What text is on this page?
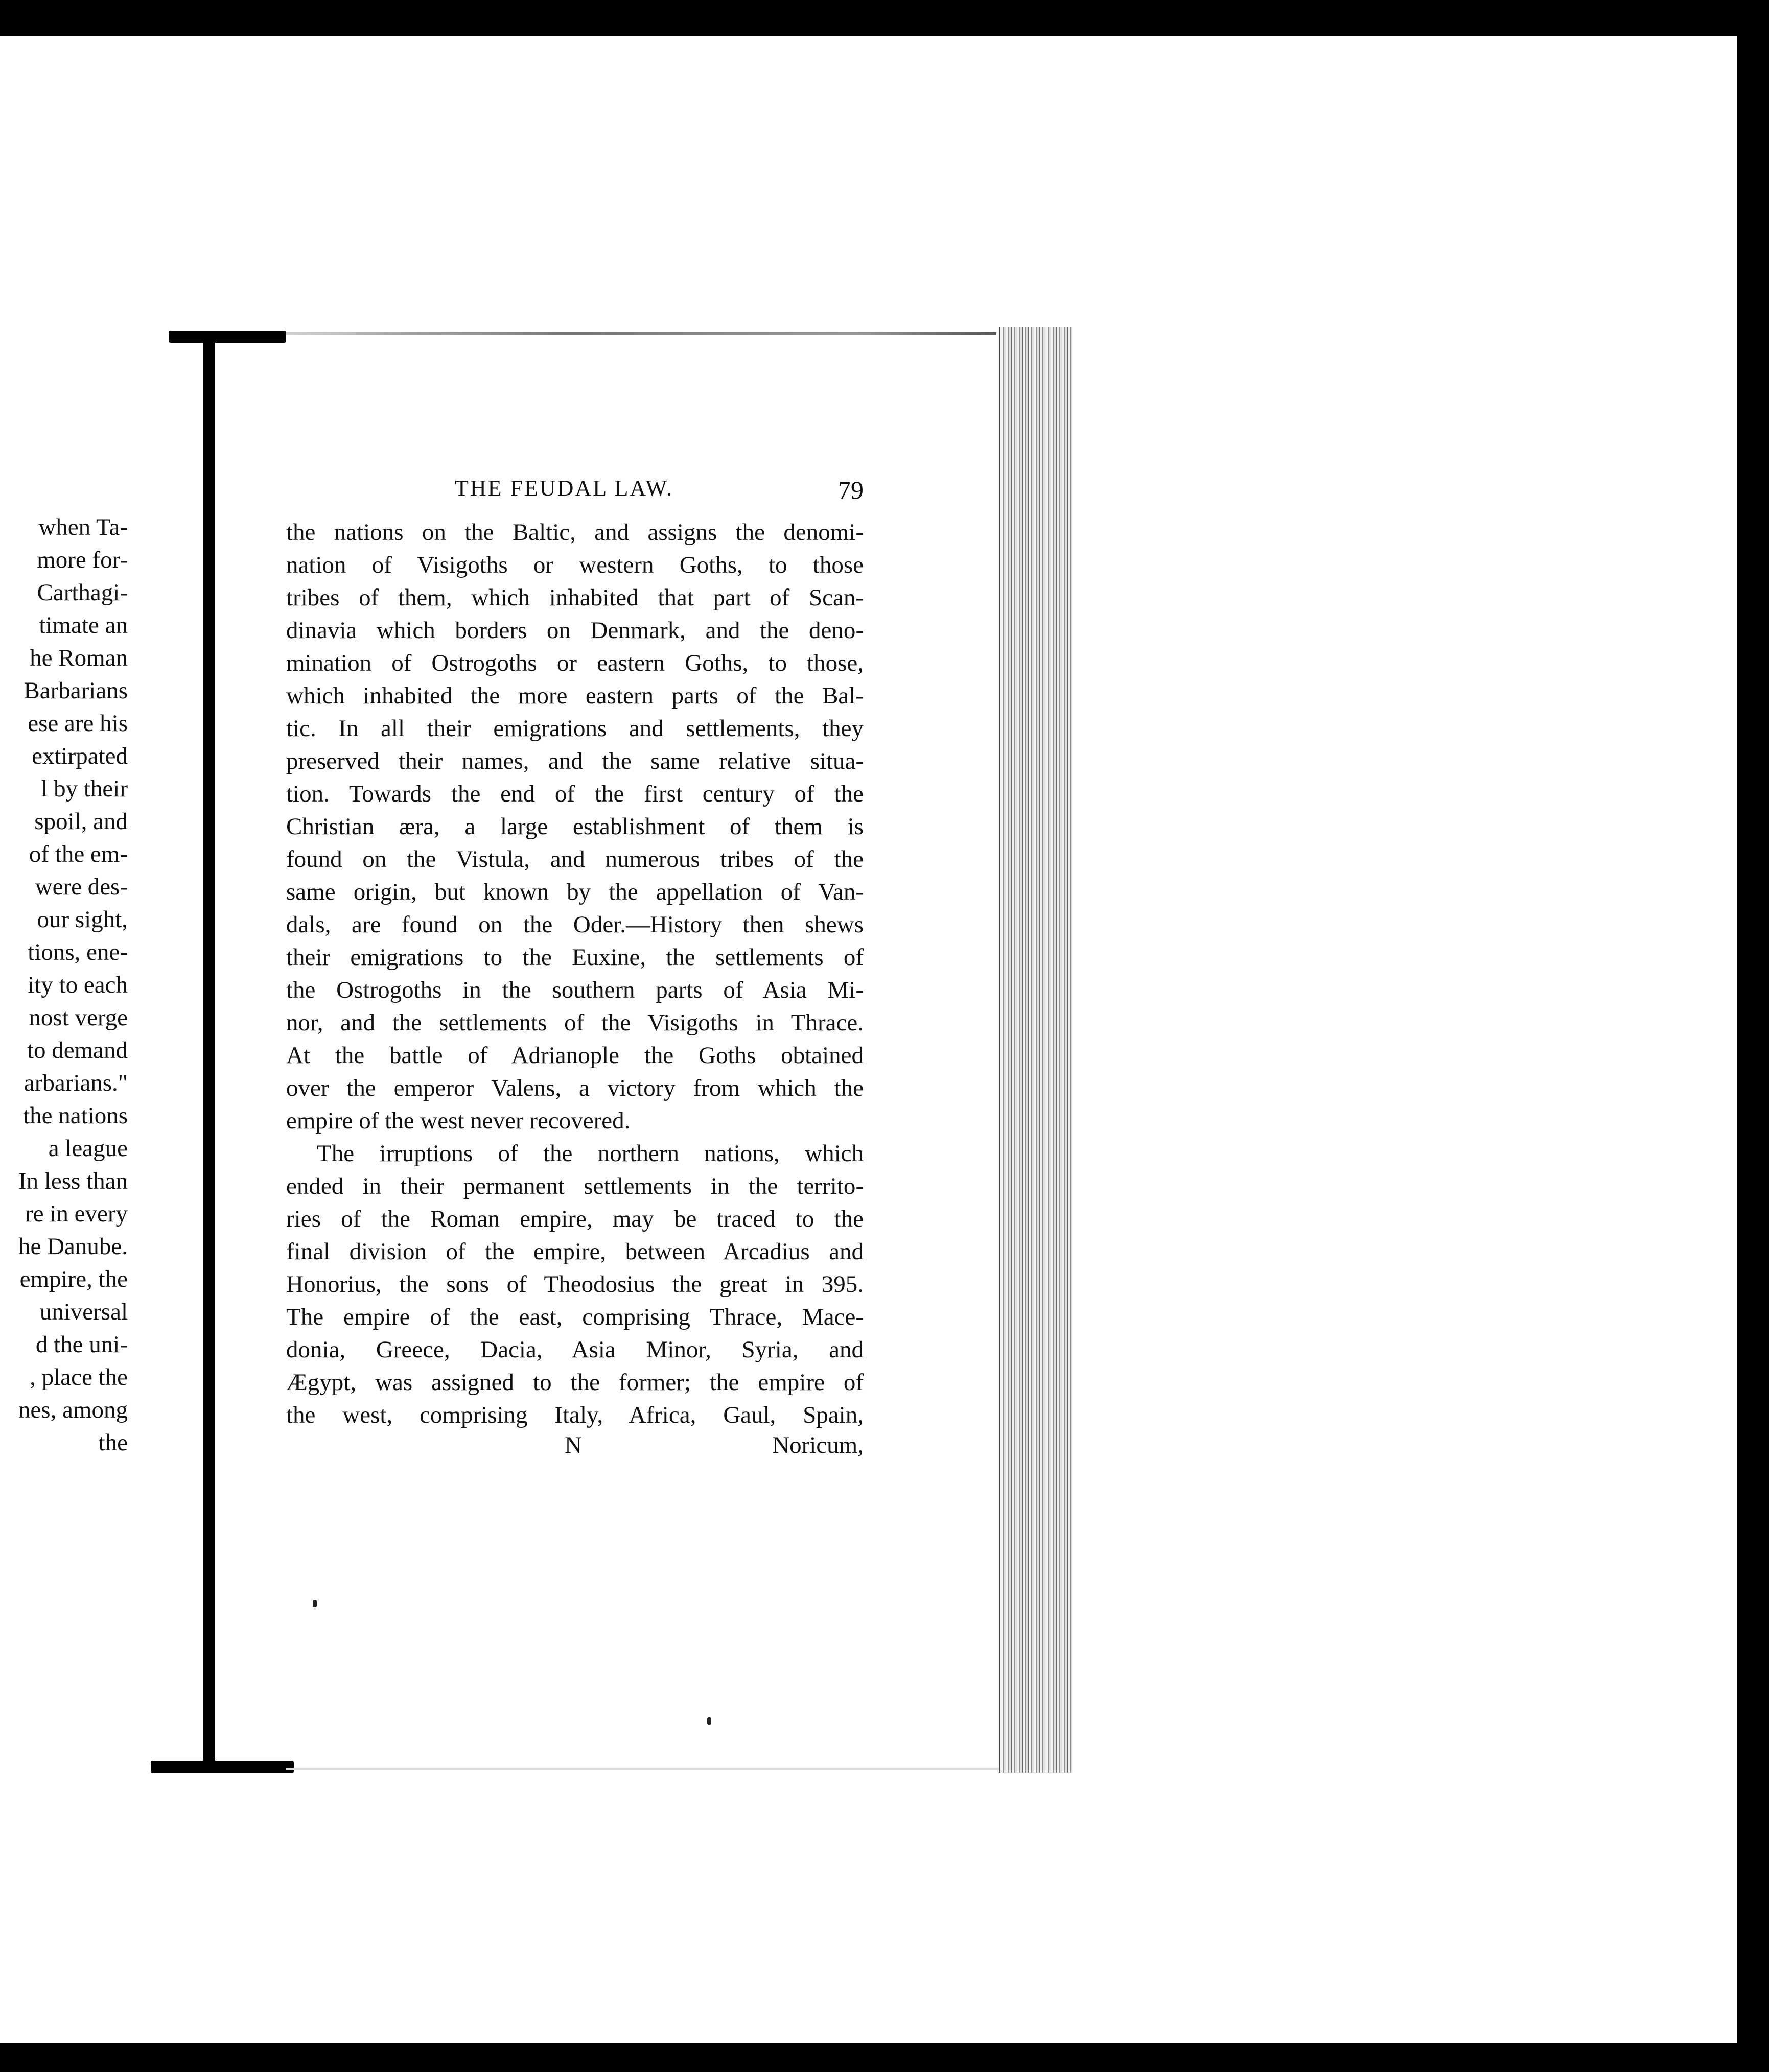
when Ta-
more for-
Carthagi-
timate an
he Roman
Barbarians
ese are his
extirpated
l by their
spoil, and
of the em-
were des-
our sight,
tions, ene-
ity to each
nost verge
to demand
arbarians."
the nations
a league
In less than
re in every
he Danube.
empire, the
universal
d the uni-
, place the
nes, among
the
THE FEUDAL LAW.	79
the nations on the Baltic, and assigns the denomi-
nation of Visigoths or western Goths, to those
tribes of them, which inhabited that part of Scan-
dinavia which borders on Denmark, and the deno-
mination of Ostrogoths or eastern Goths, to those,
which inhabited the more eastern parts of the Bal-
tic. In all their emigrations and settlements, they
preserved their names, and the same relative situa-
tion. Towards the end of the first century of the
Christian æra, a large establishment of them is
found on the Vistula, and numerous tribes of the
same origin, but known by the appellation of Van-
dals, are found on the Oder.—History then shews
their emigrations to the Euxine, the settlements of
the Ostrogoths in the southern parts of Asia Mi-
nor, and the settlements of the Visigoths in Thrace.
At the battle of Adrianople the Goths obtained
over the emperor Valens, a victory from which the
empire of the west never recovered.
The irruptions of the northern nations, which
ended in their permanent settlements in the territo-
ries of the Roman empire, may be traced to the
final division of the empire, between Arcadius and
Honorius, the sons of Theodosius the great in 395.
The empire of the east, comprising Thrace, Mace-
donia, Greece, Dacia, Asia Minor, Syria, and
Ægypt, was assigned to the former; the empire of
the west, comprising Italy, Africa, Gaul, Spain,
N	Noricum,
